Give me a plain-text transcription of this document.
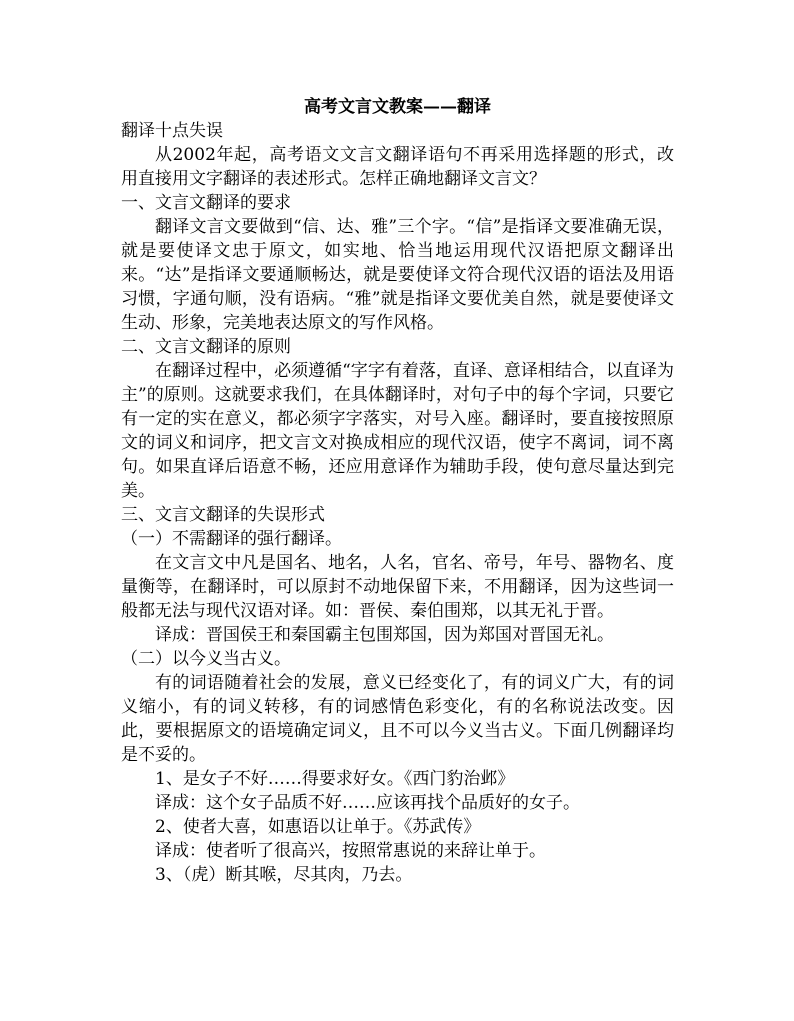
高考文言文教案——翻译

翻译十点失误

从2002年起，高考语文文言文翻译语句不再采用选择题的形式，改用直接用文字翻译的表述形式。怎样正确地翻译文言文？

一、文言文翻译的要求

翻译文言文要做到“信、达、雅”三个字。“信”是指译文要准确无误，就是要使译文忠于原文，如实地、恰当地运用现代汉语把原文翻译出来。“达”是指译文要通顺畅达，就是要使译文符合现代汉语的语法及用语习惯，字通句顺，没有语病。“雅”就是指译文要优美自然，就是要使译文生动、形象，完美地表达原文的写作风格。

二、文言文翻译的原则

在翻译过程中，必须遵循“字字有着落，直译、意译相结合，以直译为主”的原则。这就要求我们，在具体翻译时，对句子中的每个字词，只要它有一定的实在意义，都必须字字落实，对号入座。翻译时，要直接按照原文的词义和词序，把文言文对换成相应的现代汉语，使字不离词，词不离句。如果直译后语意不畅，还应用意译作为辅助手段，使句意尽量达到完美。

三、文言文翻译的失误形式

（一）不需翻译的强行翻译。

在文言文中凡是国名、地名，人名，官名、帝号，年号、器物名、度量衡等，在翻译时，可以原封不动地保留下来，不用翻译，因为这些词一般都无法与现代汉语对译。如：晋侯、秦伯围郑，以其无礼于晋。

译成：晋国侯王和秦国霸主包围郑国，因为郑国对晋国无礼。

（二）以今义当古义。

有的词语随着社会的发展，意义已经变化了，有的词义广大，有的词义缩小，有的词义转移，有的词感情色彩变化，有的名称说法改变。因此，要根据原文的语境确定词义，且不可以今义当古义。下面几例翻译均是不妥的。

1、是女子不好……得要求好女。《西门豹治邺》

译成：这个女子品质不好……应该再找个品质好的女子。

2、使者大喜，如惠语以让单于。《苏武传》

译成：使者听了很高兴，按照常惠说的来辞让单于。

3、（虎）断其喉，尽其肉，乃去。
